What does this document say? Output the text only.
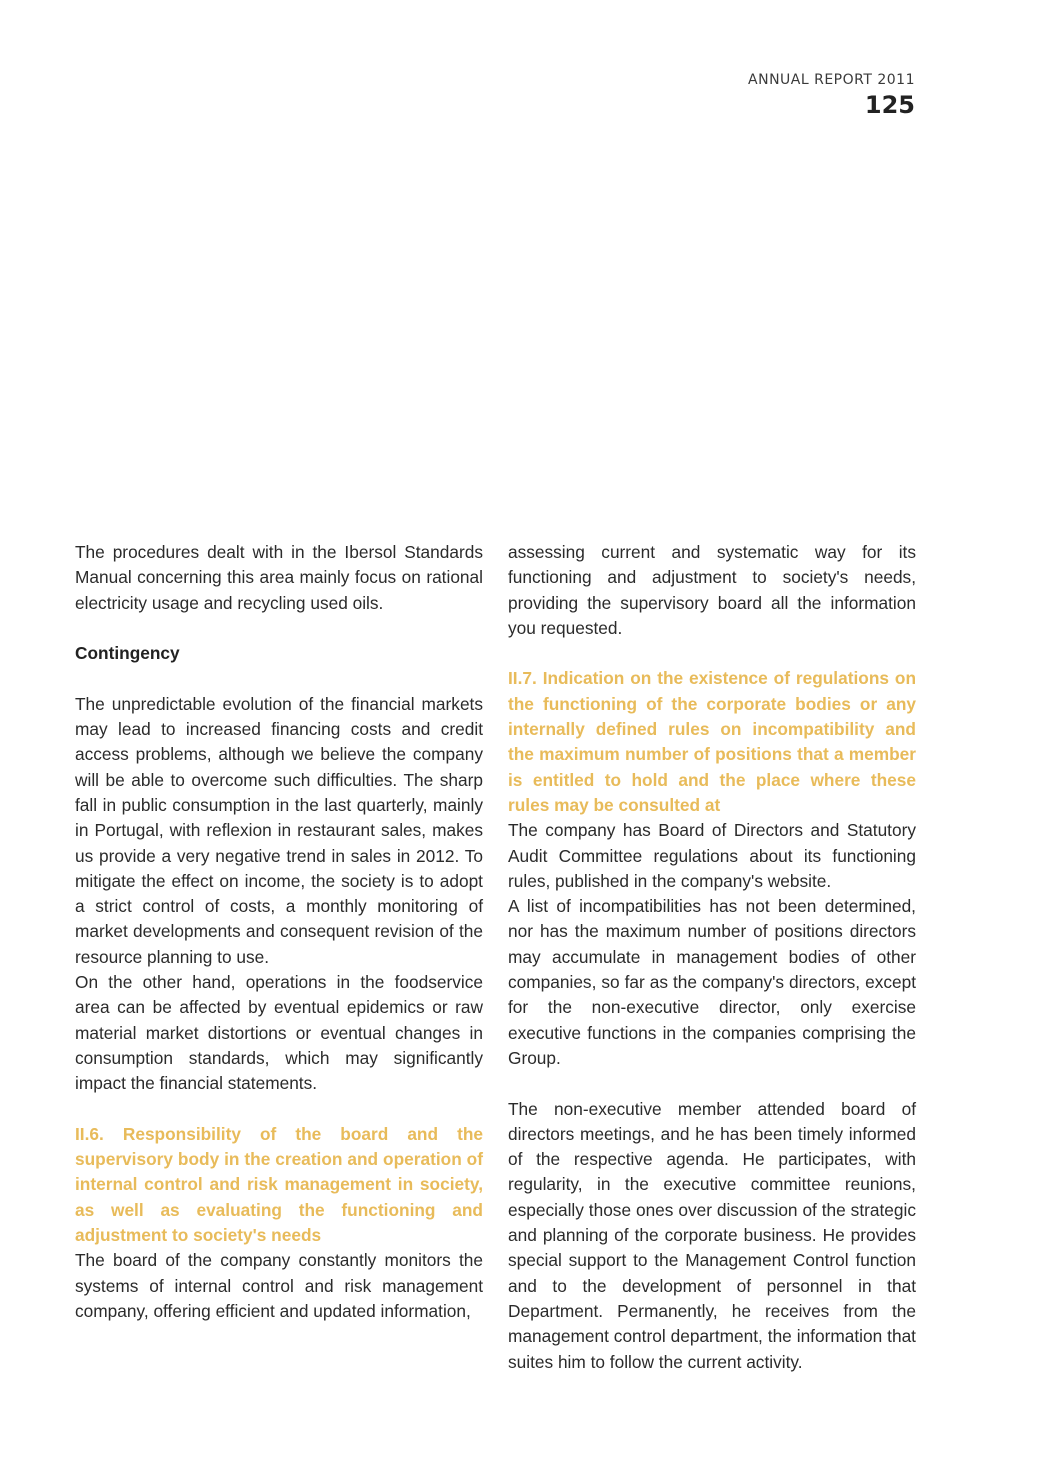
ANNUAL REPORT 2011
125

The procedures dealt with in the Ibersol Standards Manual concerning this area mainly focus on rational electricity usage and recycling used oils.

Contingency

The unpredictable evolution of the financial markets may lead to increased financing costs and credit access problems, although we believe the company will be able to overcome such difficulties. The sharp fall in public consumption in the last quarterly, mainly in Portugal, with reflexion in restaurant sales, makes us provide a very negative trend in sales in 2012. To mitigate the effect on income, the society is to adopt a strict control of costs, a monthly monitoring of market developments and consequent revision of the resource planning to use.

On the other hand, operations in the foodservice area can be affected by eventual epidemics or raw material market distortions or eventual changes in consumption standards, which may significantly impact the financial statements.

II.6. Responsibility of the board and the supervisory body in the creation and operation of internal control and risk management in society, as well as evaluating the functioning and adjustment to society's needs

The board of the company constantly monitors the systems of internal control and risk management company, offering efficient and updated information,

assessing current and systematic way for its functioning and adjustment to society's needs, providing the supervisory board all the information you requested.

II.7. Indication on the existence of regulations on the functioning of the corporate bodies or any internally defined rules on incompatibility and the maximum number of positions that a member is entitled to hold and the place where these rules may be consulted at

The company has Board of Directors and Statutory Audit Committee regulations about its functioning rules, published in the company's website.

A list of incompatibilities has not been determined, nor has the maximum number of positions directors may accumulate in management bodies of other companies, so far as the company's directors, except for the non-executive director, only exercise executive functions in the companies comprising the Group.

The non-executive member attended board of directors meetings, and he has been timely informed of the respective agenda. He participates, with regularity, in the executive committee reunions, especially those ones over discussion of the strategic and planning of the corporate business. He provides special support to the Management Control function and to the development of personnel in that Department. Permanently, he receives from the management control department, the information that suites him to follow the current activity.
